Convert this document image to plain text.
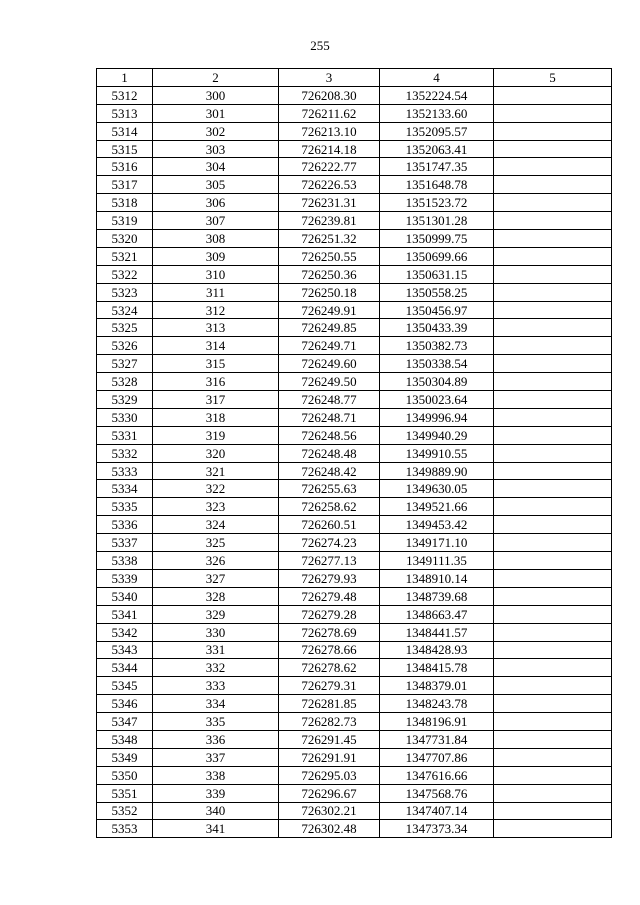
255
1	2	3	4	5
5312	300	726208.30	1352224.54	
5313	301	726211.62	1352133.60	
5314	302	726213.10	1352095.57	
5315	303	726214.18	1352063.41	
5316	304	726222.77	1351747.35	
5317	305	726226.53	1351648.78	
5318	306	726231.31	1351523.72	
5319	307	726239.81	1351301.28	
5320	308	726251.32	1350999.75	
5321	309	726250.55	1350699.66	
5322	310	726250.36	1350631.15	
5323	311	726250.18	1350558.25	
5324	312	726249.91	1350456.97	
5325	313	726249.85	1350433.39	
5326	314	726249.71	1350382.73	
5327	315	726249.60	1350338.54	
5328	316	726249.50	1350304.89	
5329	317	726248.77	1350023.64	
5330	318	726248.71	1349996.94	
5331	319	726248.56	1349940.29	
5332	320	726248.48	1349910.55	
5333	321	726248.42	1349889.90	
5334	322	726255.63	1349630.05	
5335	323	726258.62	1349521.66	
5336	324	726260.51	1349453.42	
5337	325	726274.23	1349171.10	
5338	326	726277.13	1349111.35	
5339	327	726279.93	1348910.14	
5340	328	726279.48	1348739.68	
5341	329	726279.28	1348663.47	
5342	330	726278.69	1348441.57	
5343	331	726278.66	1348428.93	
5344	332	726278.62	1348415.78	
5345	333	726279.31	1348379.01	
5346	334	726281.85	1348243.78	
5347	335	726282.73	1348196.91	
5348	336	726291.45	1347731.84	
5349	337	726291.91	1347707.86	
5350	338	726295.03	1347616.66	
5351	339	726296.67	1347568.76	
5352	340	726302.21	1347407.14	
5353	341	726302.48	1347373.34	
